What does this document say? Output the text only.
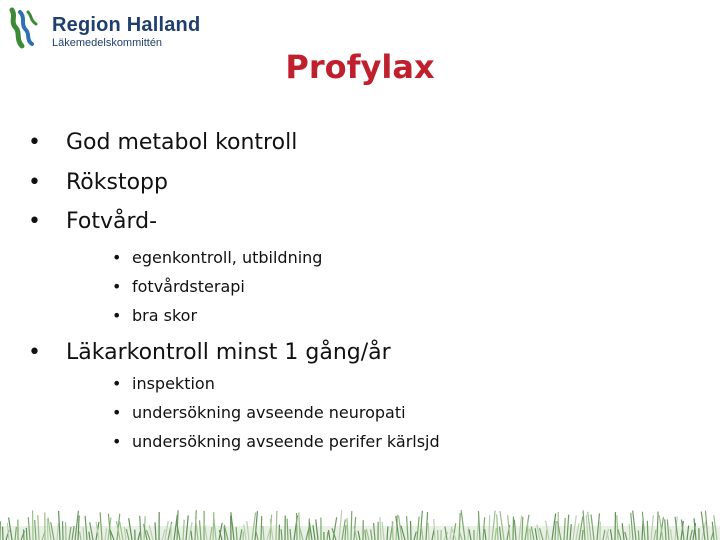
Region Halland
Läkemedelskommittén
Profylax
• God metabol kontroll
• Rökstopp
• Fotvård-
• egenkontroll, utbildning
• fotvårdsterapi
• bra skor
• Läkarkontroll minst 1 gång/år
• inspektion
• undersökning avseende neuropati
• undersökning avseende perifer kärlsjd
